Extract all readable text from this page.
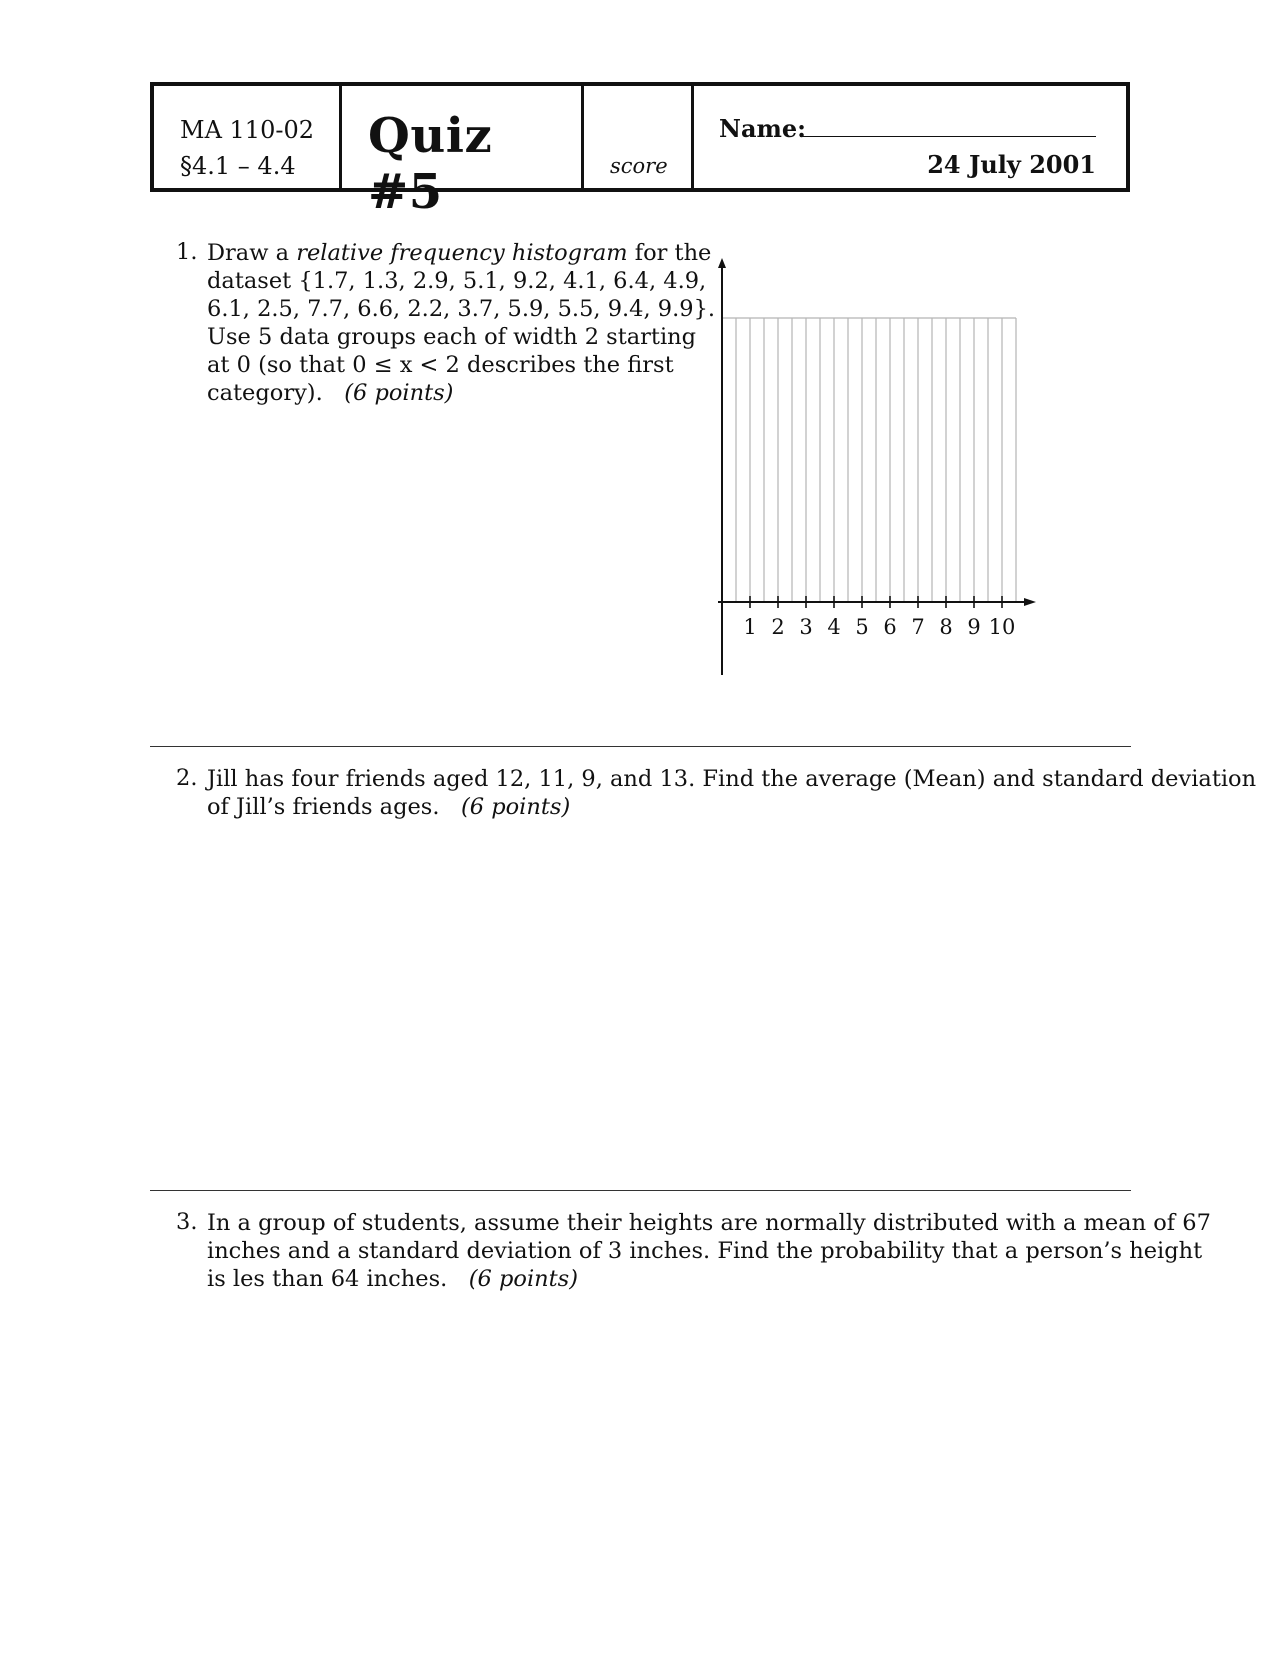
MA 110-02
§4.1 – 4.4
Quiz #5	score
Name:
24 July 2001
1. Draw a relative frequency histogram for the
dataset {1.7, 1.3, 2.9, 5.1, 9.2, 4.1, 6.4, 4.9,
6.1, 2.5, 7.7, 6.6, 2.2, 3.7, 5.9, 5.5, 9.4, 9.9}.
Use 5 data groups each of width 2 starting
at 0 (so that 0 ≤ x < 2 describes the first
category). (6 points)
1 2 3 4 5 6 7 8 9 10
2. Jill has four friends aged 12, 11, 9, and 13. Find the average (Mean) and standard deviation
of Jill’s friends ages. (6 points)
3. In a group of students, assume their heights are normally distributed with a mean of 67
inches and a standard deviation of 3 inches. Find the probability that a person’s height
is les than 64 inches. (6 points)
